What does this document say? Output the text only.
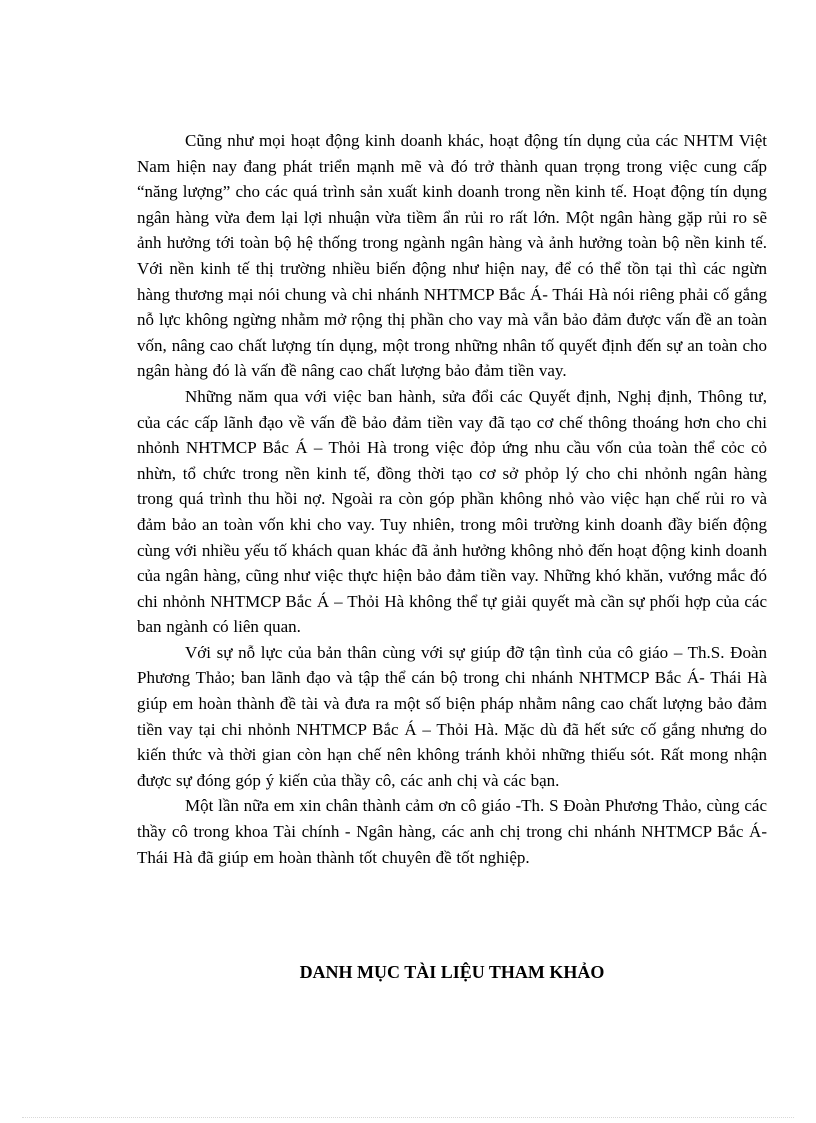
Cũng như mọi hoạt động kinh doanh khác, hoạt động tín dụng của các NHTM Việt Nam hiện nay đang phát triển mạnh mẽ và đó trở thành quan trọng trong việc cung cấp “năng lượng” cho các quá trình sản xuất kinh doanh trong nền kinh tế. Hoạt động tín dụng ngân hàng vừa đem lại lợi nhuận vừa tiềm ẩn rủi ro rất lớn. Một ngân hàng gặp rủi ro sẽ ảnh hưởng tới toàn bộ hệ thống trong ngành ngân hàng và ảnh hưởng toàn bộ nền kinh tế. Với nền kinh tế thị trường nhiều biến động như hiện nay, để có thể tồn tại thì các ngừn hàng thương mại nói chung và chi nhánh NHTMCP Bắc Á- Thái Hà nói riêng phải cố gắng nỗ lực không ngừng nhằm mở rộng thị phần cho vay mà vẫn bảo đảm được vấn đề an toàn vốn, nâng cao chất lượng tín dụng, một trong những nhân tố quyết định đến sự an toàn cho ngân hàng đó là vấn đề nâng cao chất lượng bảo đảm tiền vay.

Những năm qua với việc ban hành, sửa đổi các Quyết định, Nghị định, Thông tư, của các cấp lãnh đạo về vấn đề bảo đảm tiền vay đã tạo cơ chế thông thoáng hơn cho chi nhỏnh NHTMCP Bắc Á – Thỏi Hà trong việc đỏp ứng nhu cầu vốn của toàn thể cỏc cỏ nhừn, tổ chức trong nền kinh tế, đồng thời tạo cơ sở phỏp lý cho chi nhỏnh ngân hàng trong quá trình thu hồi nợ. Ngoài ra còn góp phần không nhỏ vào việc hạn chế rủi ro và đảm bảo an toàn vốn khi cho vay. Tuy nhiên, trong môi trường kinh doanh đầy biến động cùng với nhiều yếu tố khách quan khác đã ảnh hưởng không nhỏ đến hoạt động kinh doanh của ngân hàng, cũng như việc thực hiện bảo đảm tiền vay. Những khó khăn, vướng mắc đó chi nhỏnh NHTMCP Bắc Á – Thỏi Hà không thể tự giải quyết mà cần sự phối hợp của các ban ngành có liên quan.

Với sự nỗ lực của bản thân cùng với sự giúp đỡ tận tình của cô giáo – Th.S. Đoàn Phương Thảo; ban lãnh đạo và tập thể cán bộ trong chi nhánh NHTMCP Bắc Á- Thái Hà giúp em hoàn thành đề tài và đưa ra một số biện pháp nhằm nâng cao chất lượng bảo đảm tiền vay tại chi nhỏnh NHTMCP Bắc Á – Thỏi Hà. Mặc dù đã hết sức cố gắng nhưng do kiến thức và thời gian còn hạn chế nên không tránh khỏi những thiếu sót. Rất mong nhận được sự đóng góp ý kiến của thầy cô, các anh chị và các bạn.

Một lần nữa em xin chân thành cảm ơn cô giáo -Th. S Đoàn Phương Thảo, cùng các thầy cô trong khoa Tài chính - Ngân hàng, các anh chị trong chi nhánh NHTMCP Bắc Á- Thái Hà đã giúp em hoàn thành tốt chuyên đề tốt nghiệp.

DANH MỤC TÀI LIỆU THAM KHẢO
